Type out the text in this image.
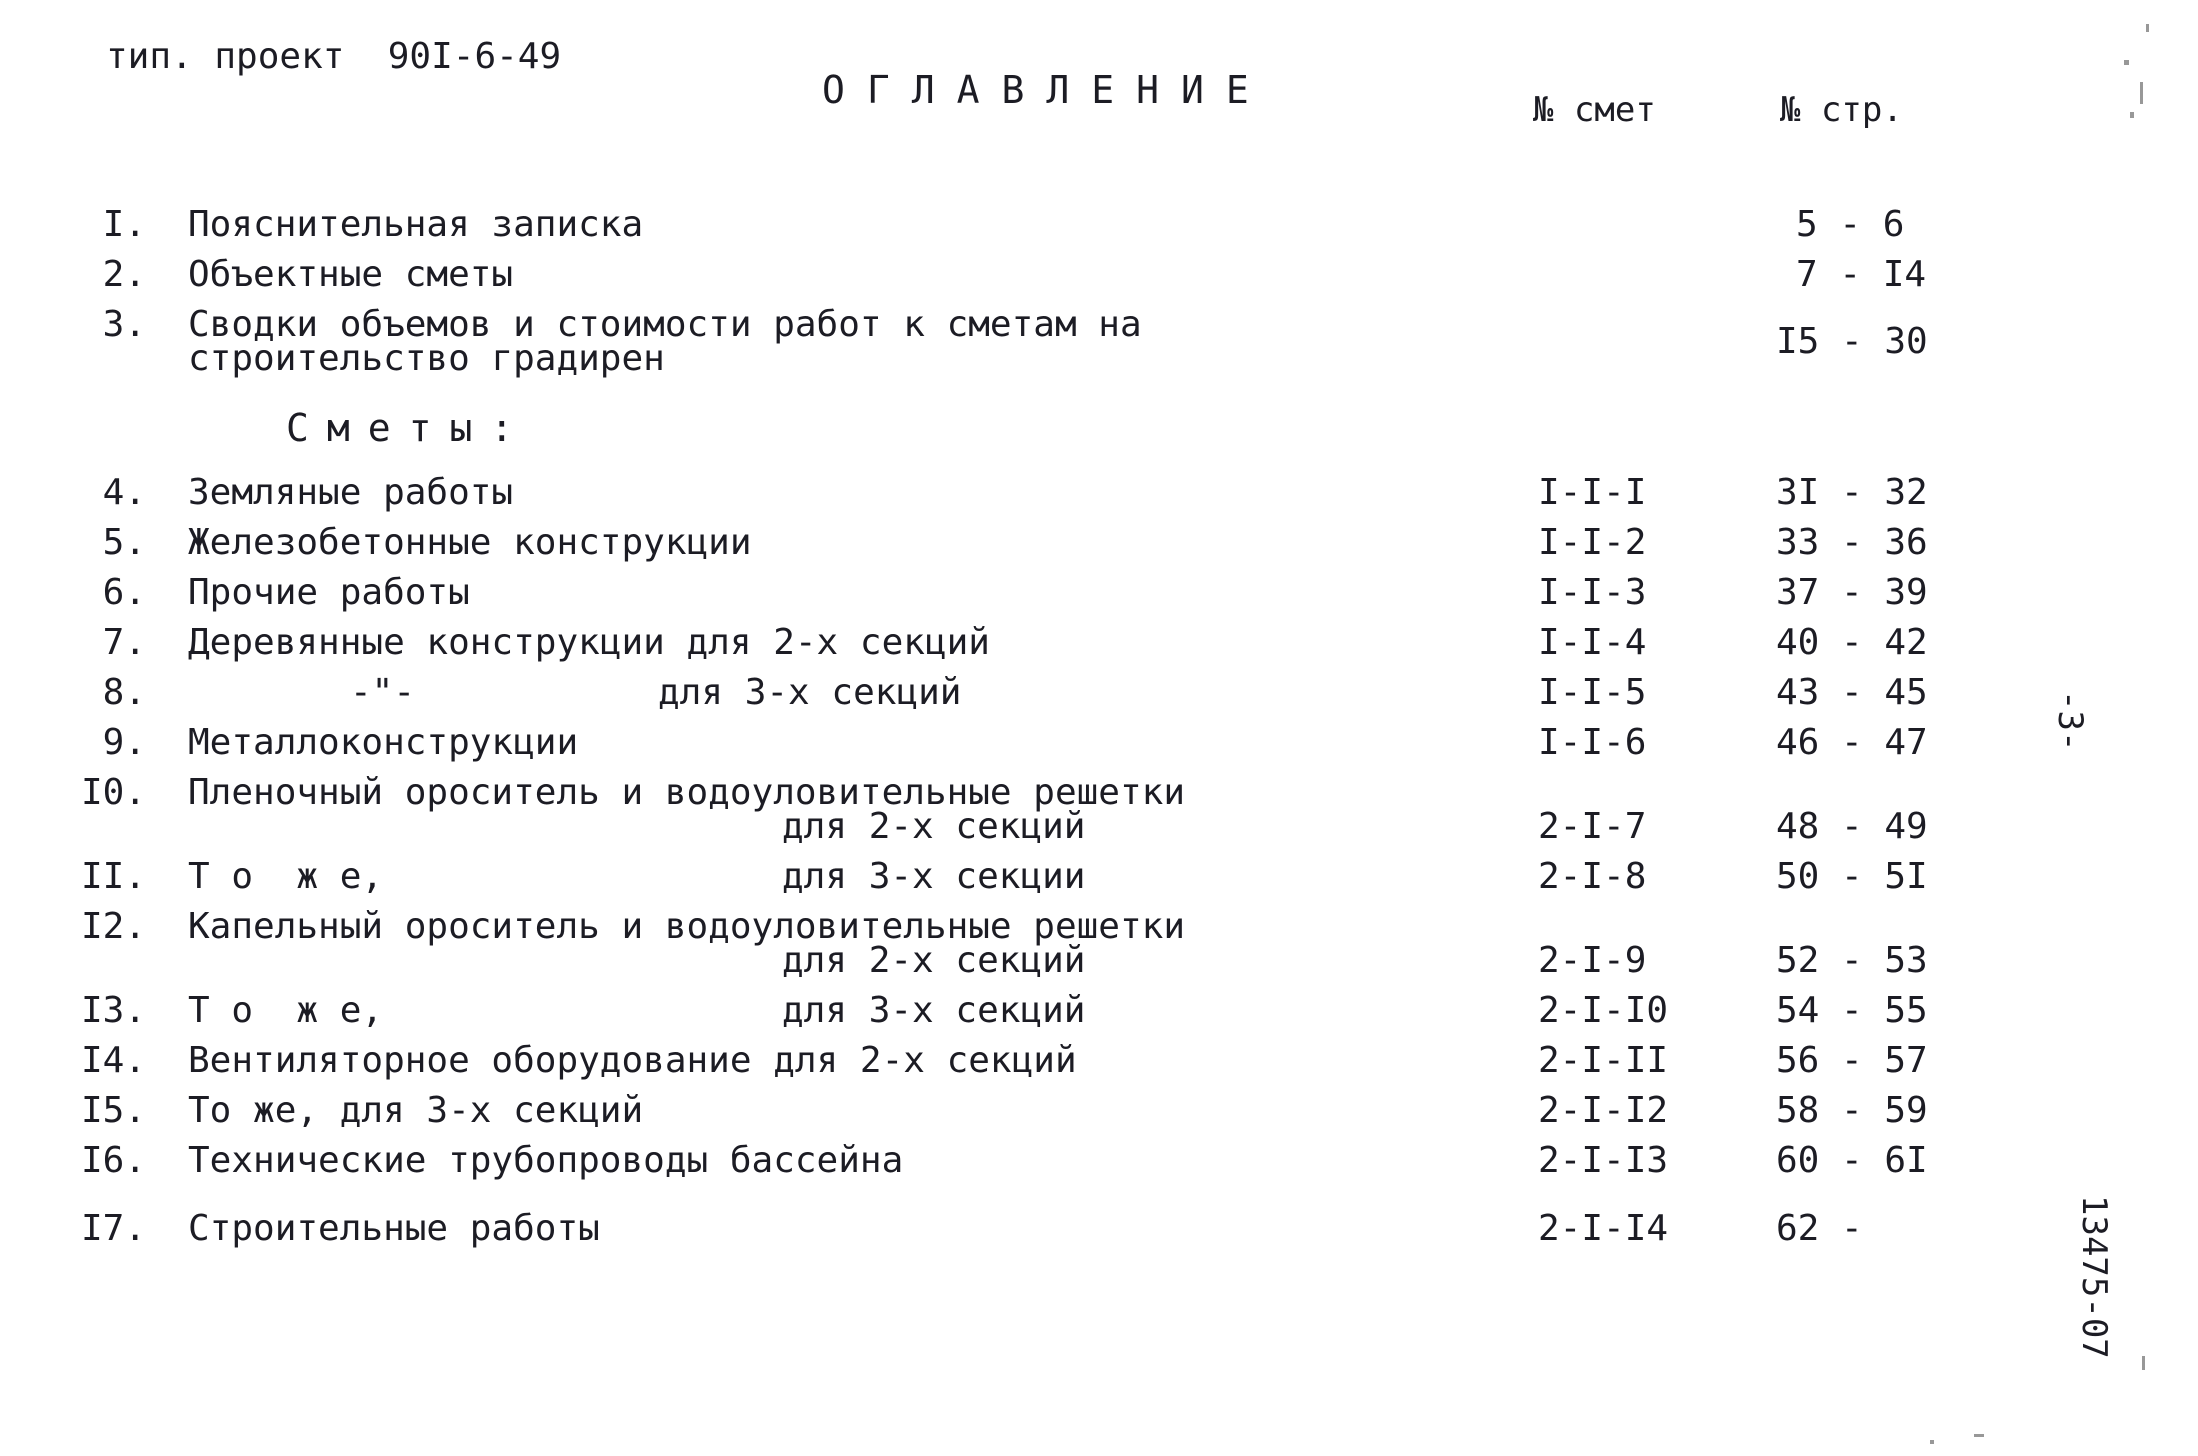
тип. проект  90I-6-49
ОГЛАВЛЕНИЕ	№ смет	№ стр.
I. Пояснительная записка	5 - 6
2. Объектные сметы	7 - I4
3. Сводки объемов и стоимости работ к сметам на
строительство градирен	I5 - 30
Сметы:
4. Земляные работы	I-I-I	3I - 32
5. Железобетонные конструкции	I-I-2	33 - 36
6. Прочие работы	I-I-3	37 - 39
7. Деревянные конструкции для 2-х секций	I-I-4	40 - 42
8.	-"-	для 3-х секций	I-I-5	43 - 45
9. Металлоконструкции	I-I-6	46 - 47
I0. Пленочный ороситель и водоуловительные решетки
для 2-х секций	2-I-7	48 - 49
II. Т о  ж е,	для 3-х секции	2-I-8	50 - 5I
I2. Капельный ороситель и водоуловительные решетки
для 2-х секций	2-I-9	52 - 53
I3. Т о  ж е,	для 3-х секций	2-I-I0	54 - 55
I4. Вентиляторное оборудование для 2-х секций	2-I-II	56 - 57
I5. То же, для 3-х секций	2-I-I2	58 - 59
I6. Технические трубопроводы бассейна	2-I-I3	60 - 6I
I7. Строительные работы	2-I-I4	62 -
-3-
13475-07
